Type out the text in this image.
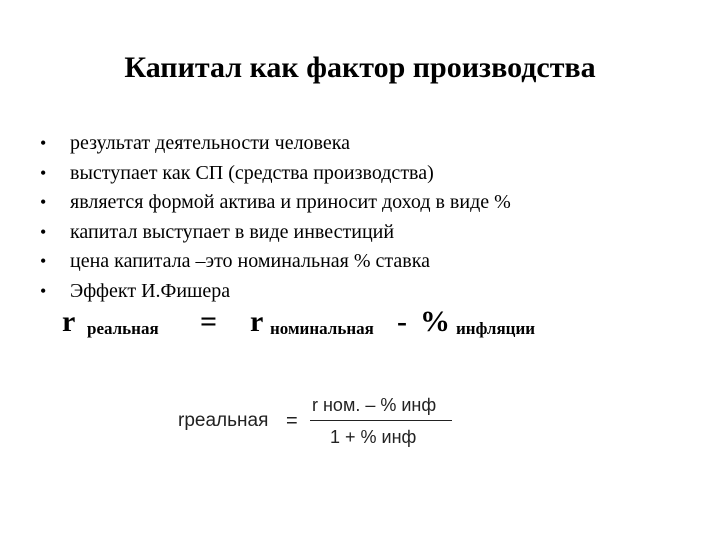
Капитал как фактор производства
• результат деятельности человека
• выступает как СП (средства производства)
• является формой актива и приносит доход в виде %
• капитал выступает в виде инвестиций
• цена капитала –это номинальная % ставка
• Эффект И.Фишера
r реальная = r номинальная - % инфляции
rреальная =
r ном. – % инф
1 + % инф
